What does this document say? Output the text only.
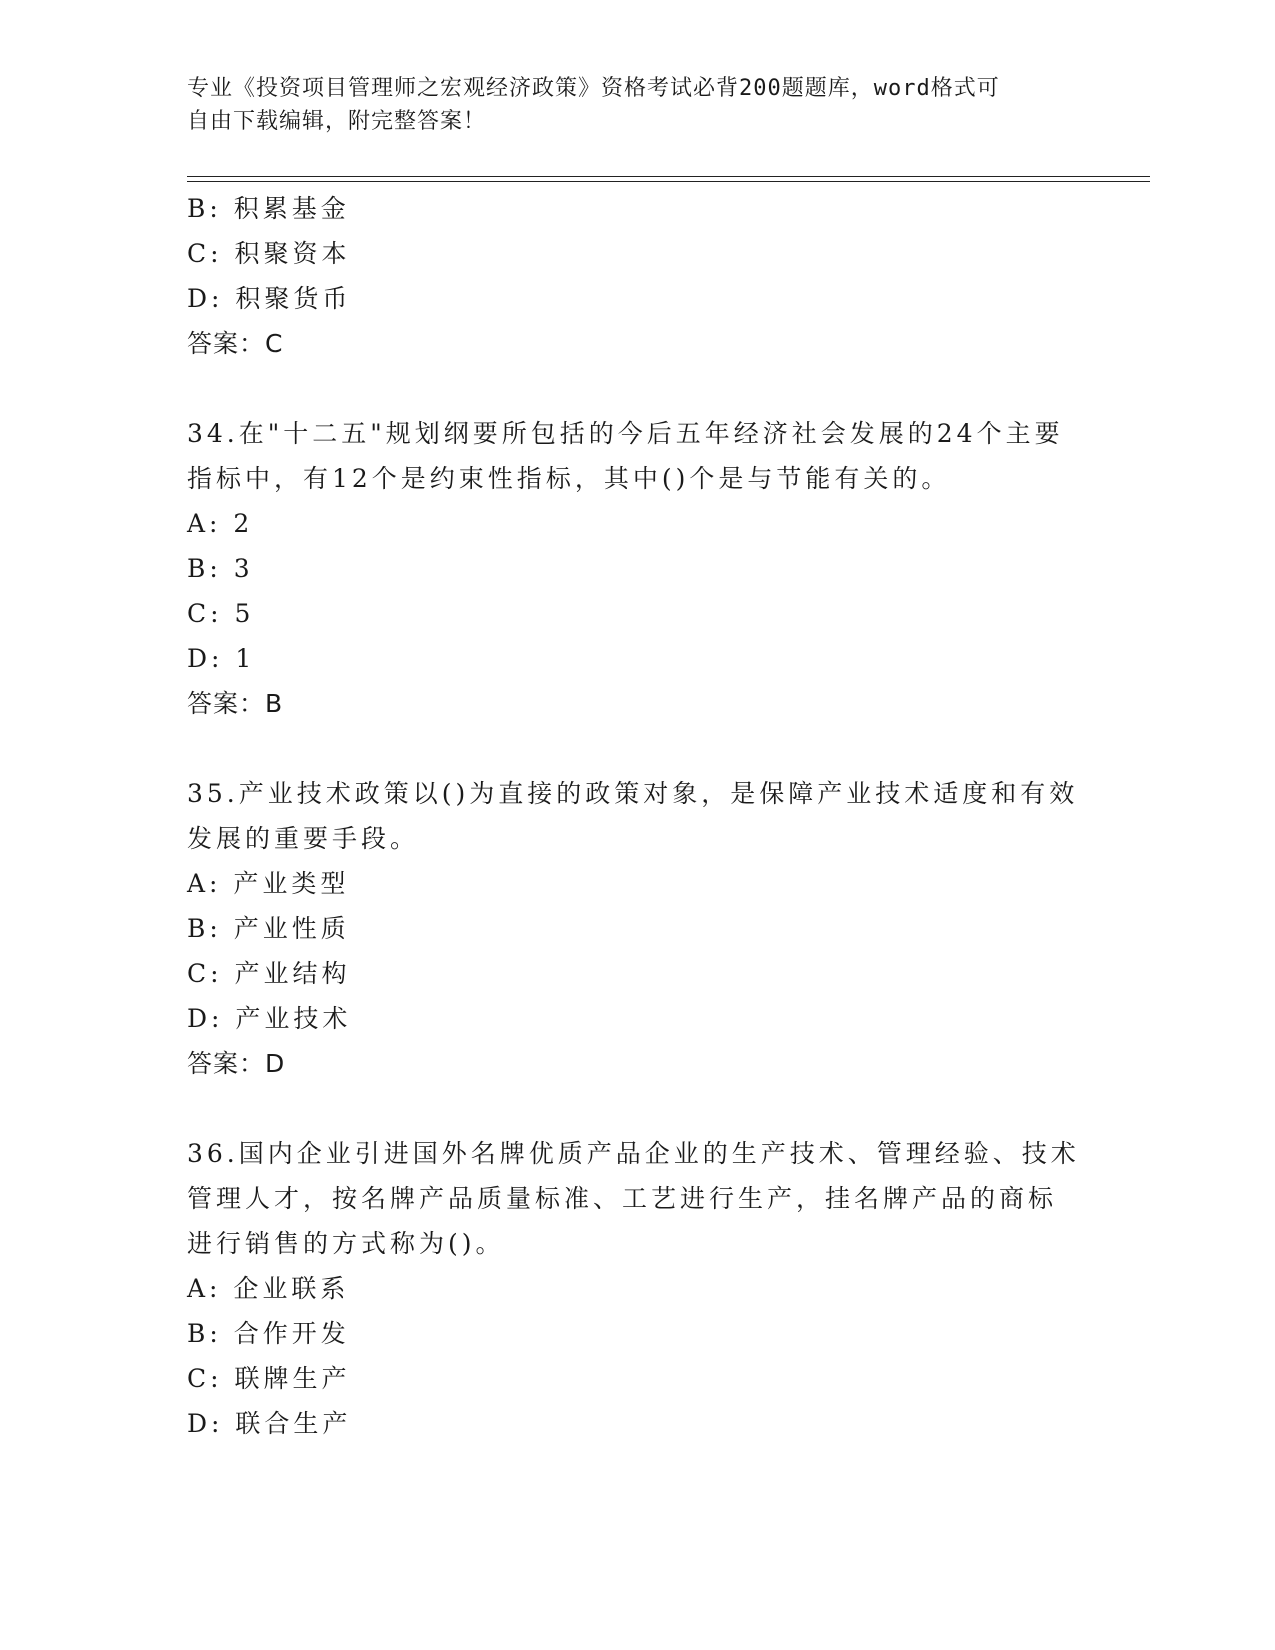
专业《投资项目管理师之宏观经济政策》资格考试必背200题题库，word格式可
自由下载编辑，附完整答案！
B: 积累基金
C: 积聚资本
D: 积聚货币
答案：C
34.在"十二五"规划纲要所包括的今后五年经济社会发展的24个主要
指标中，有12个是约束性指标，其中()个是与节能有关的。
A: 2
B: 3
C: 5
D: 1
答案：B
35.产业技术政策以()为直接的政策对象，是保障产业技术适度和有效
发展的重要手段。
A: 产业类型
B: 产业性质
C: 产业结构
D: 产业技术
答案：D
36.国内企业引进国外名牌优质产品企业的生产技术、管理经验、技术
管理人才，按名牌产品质量标准、工艺进行生产，挂名牌产品的商标
进行销售的方式称为()。
A: 企业联系
B: 合作开发
C: 联牌生产
D: 联合生产
